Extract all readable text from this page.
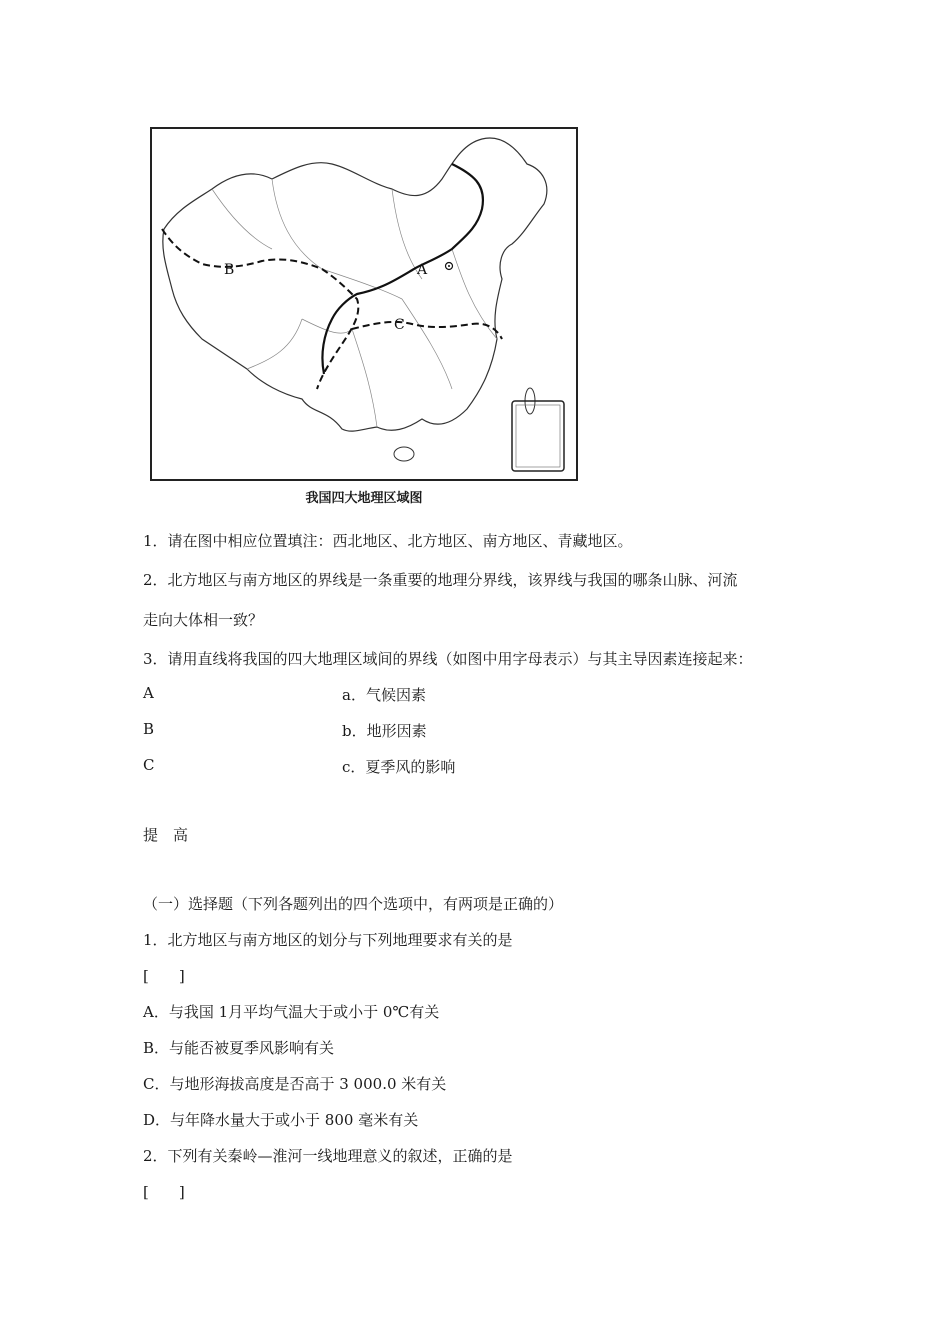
A
B
C
我国四大地理区域图
1．请在图中相应位置填注：西北地区、北方地区、南方地区、青藏地区。
2．北方地区与南方地区的界线是一条重要的地理分界线，该界线与我国的哪条山脉、河流
走向大体相一致？
3．请用直线将我国的四大地理区域间的界线（如图中用字母表示）与其主导因素连接起来：
A	a．气候因素
B	b．地形因素
C	c．夏季风的影响
提　高
（一）选择题（下列各题列出的四个选项中，有两项是正确的）
1．北方地区与南方地区的划分与下列地理要求有关的是
[　　]
A．与我国 1月平均气温大于或小于 0℃有关
B．与能否被夏季风影响有关
C．与地形海拔高度是否高于 3 000.0 米有关
D．与年降水量大于或小于 800 毫米有关
2．下列有关秦岭—淮河一线地理意义的叙述，正确的是
[　　]
